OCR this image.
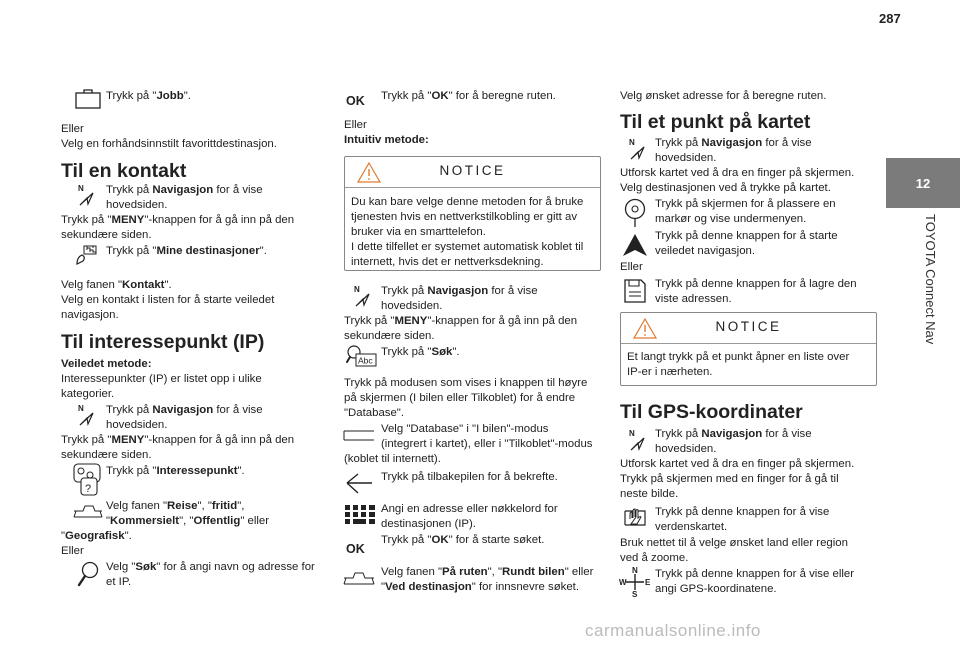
287
12
TOYOTA Connect Nav
Trykk på "Jobb".
Eller
Velg en forhåndsinnstilt favorittdestinasjon.
Til en kontakt
N Trykk på Navigasjon for å vise
hovedsiden.
Trykk på "MENY"-knappen for å gå inn på den
sekundære siden.
Trykk på "Mine destinasjoner".
Velg fanen "Kontakt".
Velg en kontakt i listen for å starte veiledet
navigasjon.
Til interessepunkt (IP)
Veiledet metode:
Interessepunkter (IP) er listet opp i ulike
kategorier.
N Trykk på Navigasjon for å vise
hovedsiden.
Trykk på "MENY"-knappen for å gå inn på den
sekundære siden.
?
Trykk på "Interessepunkt".
Velg fanen "Reise", "fritid",
"Kommersielt", "Offentlig" eller
"Geografisk".
Eller
Velg "Søk" for å angi navn og adresse for
et IP.
OK Trykk på "OK" for å beregne ruten.
Eller
Intuitiv metode:
NOTICE
Du kan bare velge denne metoden for å bruke
tjenesten hvis en nettverkstilkobling er gitt av
bruker via en smarttelefon.
I dette tilfellet er systemet automatisk koblet til
internett, hvis det er nettverksdekning.
N Trykk på Navigasjon for å vise
hovedsiden.
Trykk på "MENY"-knappen for å gå inn på den
sekundære siden.
Abc
Trykk på "Søk".
Trykk på modusen som vises i knappen til høyre
på skjermen (I bilen eller Tilkoblet) for å endre
"Database".
Velg "Database" i "I bilen"-modus
(integrert i kartet), eller i "Tilkoblet"-modus
(koblet til internett).
Trykk på tilbakepilen for å bekrefte.
Angi en adresse eller nøkkelord for
destinasjonen (IP).
OK
Trykk på "OK" for å starte søket.
Velg fanen "På ruten", "Rundt bilen" eller
"Ved destinasjon" for innsnevre søket.
Velg ønsket adresse for å beregne ruten.
Til et punkt på kartet
N Trykk på Navigasjon for å vise
hovedsiden.
Utforsk kartet ved å dra en finger på skjermen.
Velg destinasjonen ved å trykke på kartet.
Trykk på skjermen for å plassere en
markør og vise undermenyen.
Trykk på denne knappen for å starte
veiledet navigasjon.
Eller
Trykk på denne knappen for å lagre den
viste adressen.
NOTICE
Et langt trykk på et punkt åpner en liste over
IP-er i nærheten.
Til GPS-koordinater
N Trykk på Navigasjon for å vise
hovedsiden.
Utforsk kartet ved å dra en finger på skjermen.
Trykk på skjermen med en finger for å gå til
neste bilde.
Trykk på denne knappen for å vise
verdenskartet.
Bruk nettet til å velge ønsket land eller region
ved å zoome.
N
W E
S
Trykk på denne knappen for å vise eller
angi GPS-koordinatene.
carmanualsonline.info
